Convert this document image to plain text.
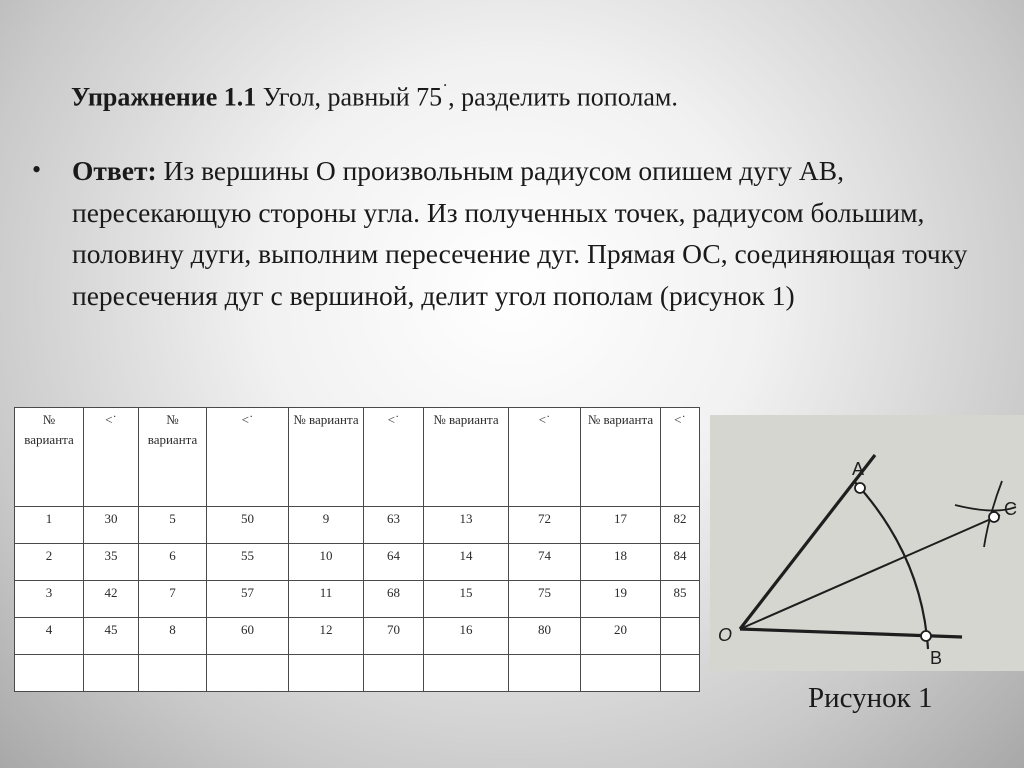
Упражнение 1.1 Угол, равный 75˙, разделить пополам.
• Ответ: Из вершины О произвольным радиусом опишем дугу АВ, пересекающую стороны угла. Из полученных точек, радиусом большим, половину дуги, выполним пересечение дуг. Прямая ОС, соединяющая точку пересечения дуг с вершиной, делит угол пополам (рисунок 1)
№ варианта	<˙	№ варианта	<˙	№ варианта	<˙	№ варианта	<˙	№ варианта	<˙
1	30	5	50	9	63	13	72	17	82
2	35	6	55	10	64	14	74	18	84
3	42	7	57	11	68	15	75	19	85
4	45	8	60	12	70	16	80	20	

A
B
C
O
Рисунок 1
